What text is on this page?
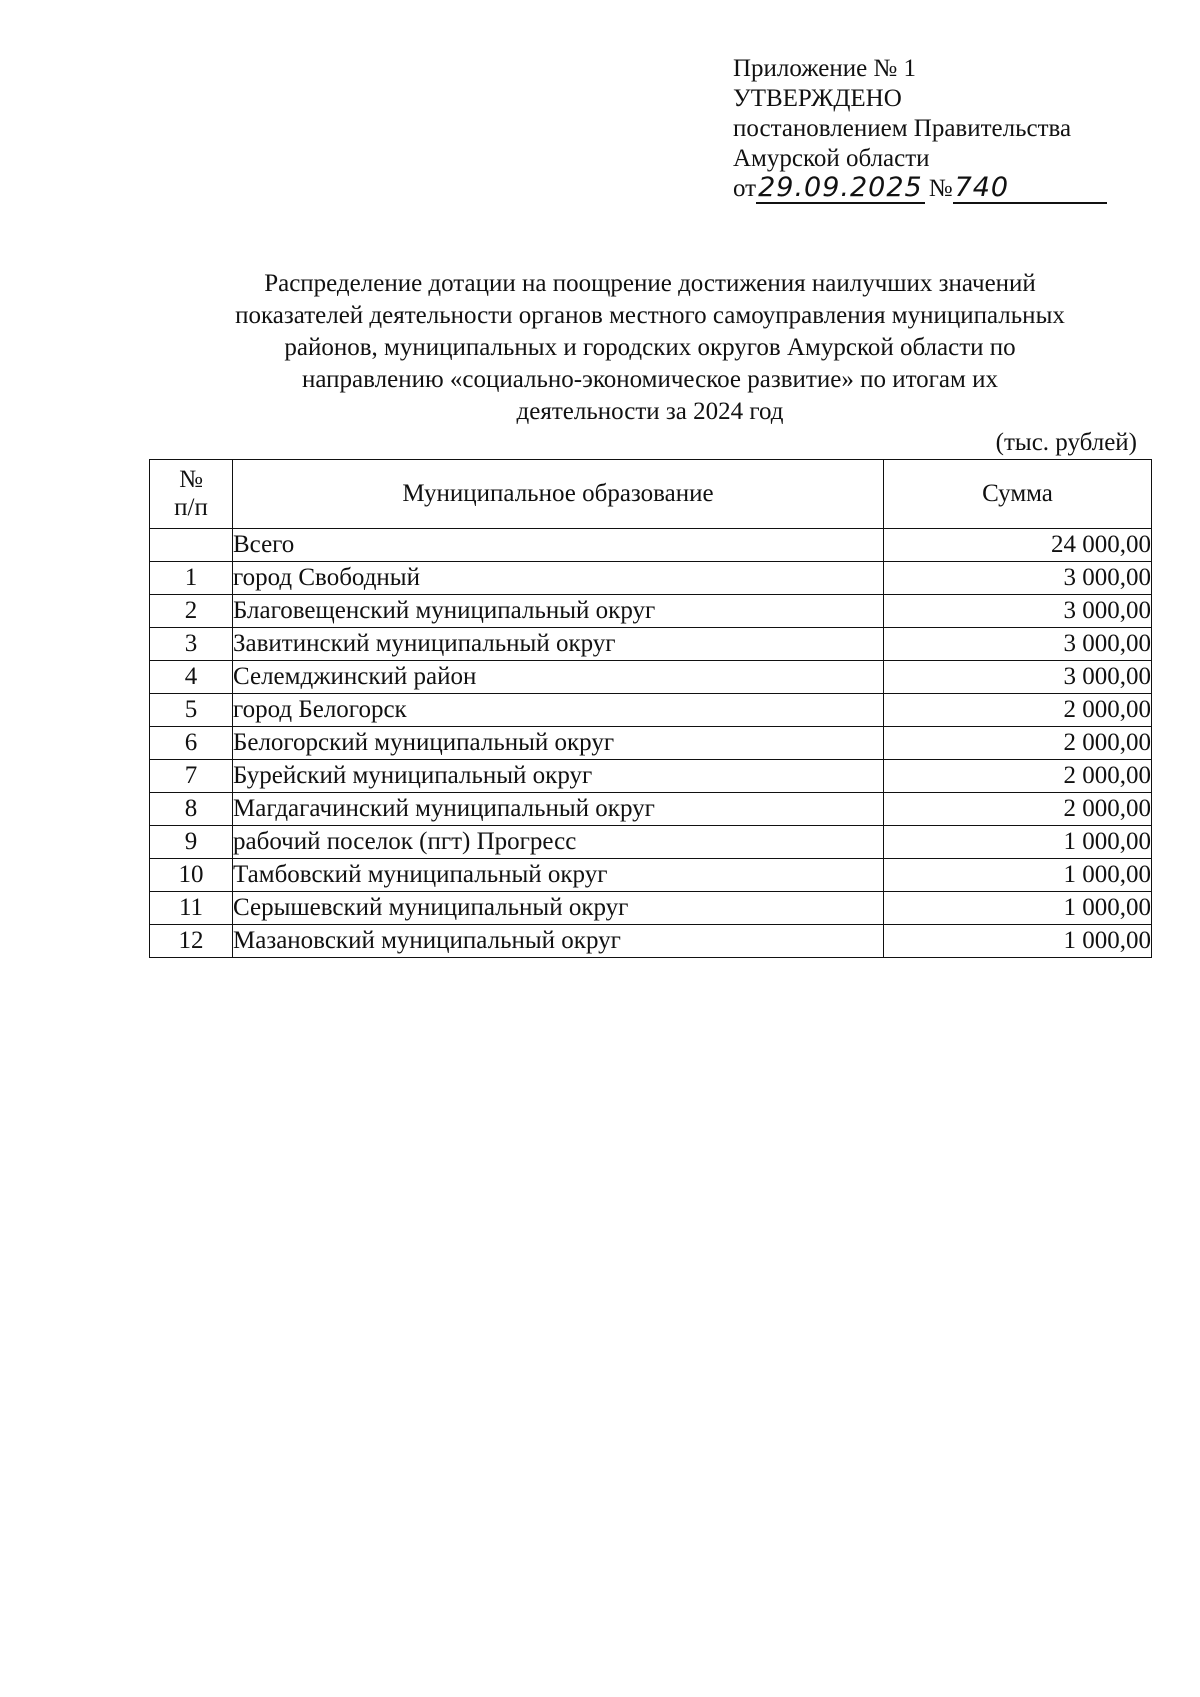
Приложение № 1
УТВЕРЖДЕНО
постановлением Правительства
Амурской области
от 29.09.2025 № 740
Распределение дотации на поощрение достижения наилучших значений
показателей деятельности органов местного самоуправления муниципальных
районов, муниципальных и городских округов Амурской области по
направлению «социально-экономическое развитие» по итогам их
деятельности за 2024 год
(тыс. рублей)
№
п/п	Муниципальное образование	Сумма
	Всего	24 000,00
1	город Свободный	3 000,00
2	Благовещенский муниципальный округ	3 000,00
3	Завитинский муниципальный округ	3 000,00
4	Селемджинский район	3 000,00
5	город Белогорск	2 000,00
6	Белогорский муниципальный округ	2 000,00
7	Бурейский муниципальный округ	2 000,00
8	Магдагачинский муниципальный округ	2 000,00
9	рабочий поселок (пгт) Прогресс	1 000,00
10	Тамбовский муниципальный округ	1 000,00
11	Серышевский муниципальный округ	1 000,00
12	Мазановский муниципальный округ	1 000,00
